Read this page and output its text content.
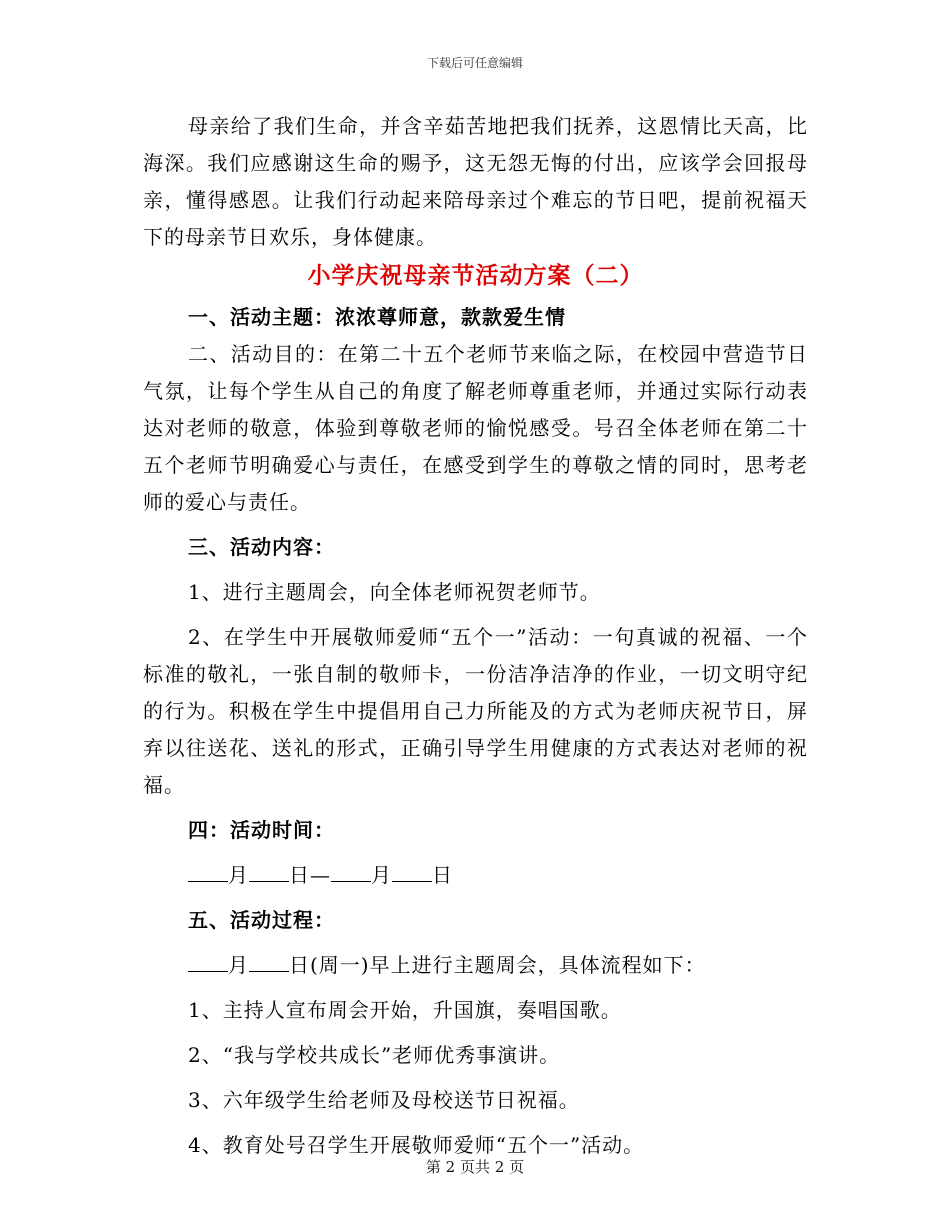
下载后可任意编辑

母亲给了我们生命，并含辛茹苦地把我们抚养，这恩情比天高，比海深。我们应感谢这生命的赐予，这无怨无悔的付出，应该学会回报母亲，懂得感恩。让我们行动起来陪母亲过个难忘的节日吧，提前祝福天下的母亲节日欢乐，身体健康。

小学庆祝母亲节活动方案（二）

一、活动主题：浓浓尊师意，款款爱生情

二、活动目的：在第二十五个老师节来临之际，在校园中营造节日气氛，让每个学生从自己的角度了解老师尊重老师，并通过实际行动表达对老师的敬意，体验到尊敬老师的愉悦感受。号召全体老师在第二十五个老师节明确爱心与责任，在感受到学生的尊敬之情的同时，思考老师的爱心与责任。

三、活动内容：

1、进行主题周会，向全体老师祝贺老师节。

2、在学生中开展敬师爱师“五个一”活动：一句真诚的祝福、一个标准的敬礼，一张自制的敬师卡，一份洁净洁净的作业，一切文明守纪的行为。积极在学生中提倡用自己力所能及的方式为老师庆祝节日，屏弃以往送花、送礼的形式，正确引导学生用健康的方式表达对老师的祝福。

四：活动时间：

月 日— 月 日

五、活动过程：

月 日(周一)早上进行主题周会，具体流程如下：

1、主持人宣布周会开始，升国旗，奏唱国歌。

2、“我与学校共成长”老师优秀事演讲。

3、六年级学生给老师及母校送节日祝福。

4、教育处号召学生开展敬师爱师“五个一”活动。

第 2 页共 2 页
